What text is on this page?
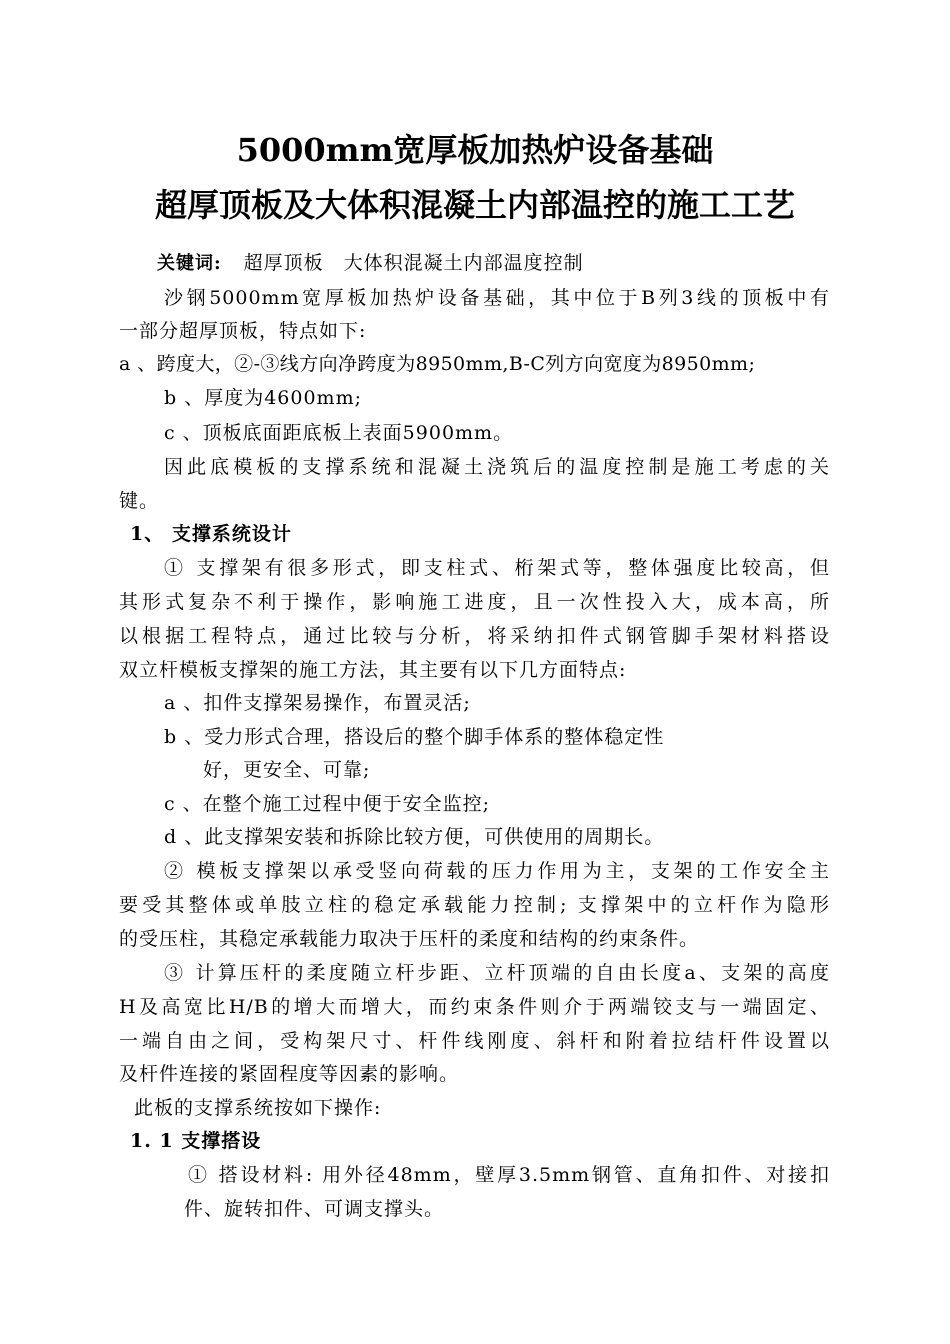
5000mm宽厚板加热炉设备基础
超厚顶板及大体积混凝土内部温控的施工工艺
关键词: 超厚顶板 大体积混凝土内部温度控制
沙钢5000mm宽厚板加热炉设备基础，其中位于B列3线的顶板中有
一部分超厚顶板，特点如下:
a 、跨度大，②-③线方向净跨度为8950mm,B-C列方向宽度为8950mm;
b 、厚度为4600mm;
c 、顶板底面距底板上表面5900mm。
因此底模板的支撑系统和混凝土浇筑后的温度控制是施工考虑的关
键。
1、 支撑系统设计
① 支撑架有很多形式，即支柱式、桁架式等，整体强度比较高，但
其形式复杂不利于操作，影响施工进度，且一次性投入大，成本高，所
以根据工程特点，通过比较与分析，将采纳扣件式钢管脚手架材料搭设
双立杆模板支撑架的施工方法，其主要有以下几方面特点:
a 、扣件支撑架易操作，布置灵活;
b 、受力形式合理，搭设后的整个脚手体系的整体稳定性
好，更安全、可靠;
c 、在整个施工过程中便于安全监控;
d 、此支撑架安装和拆除比较方便，可供使用的周期长。
② 模板支撑架以承受竖向荷载的压力作用为主，支架的工作安全主
要受其整体或单肢立柱的稳定承载能力控制; 支撑架中的立杆作为隐形
的受压柱，其稳定承载能力取决于压杆的柔度和结构的约束条件。
③ 计算压杆的柔度随立杆步距、立杆顶端的自由长度a、支架的高度
H及高宽比H/B的增大而增大，而约束条件则介于两端铰支与一端固定、
一端自由之间，受构架尺寸、杆件线刚度、斜杆和附着拉结杆件设置以
及杆件连接的紧固程度等因素的影响。
此板的支撑系统按如下操作:
1. 1 支撑搭设
① 搭设材料: 用外径48mm，壁厚3.5mm钢管、直角扣件、对接扣
件、旋转扣件、可调支撑头。
